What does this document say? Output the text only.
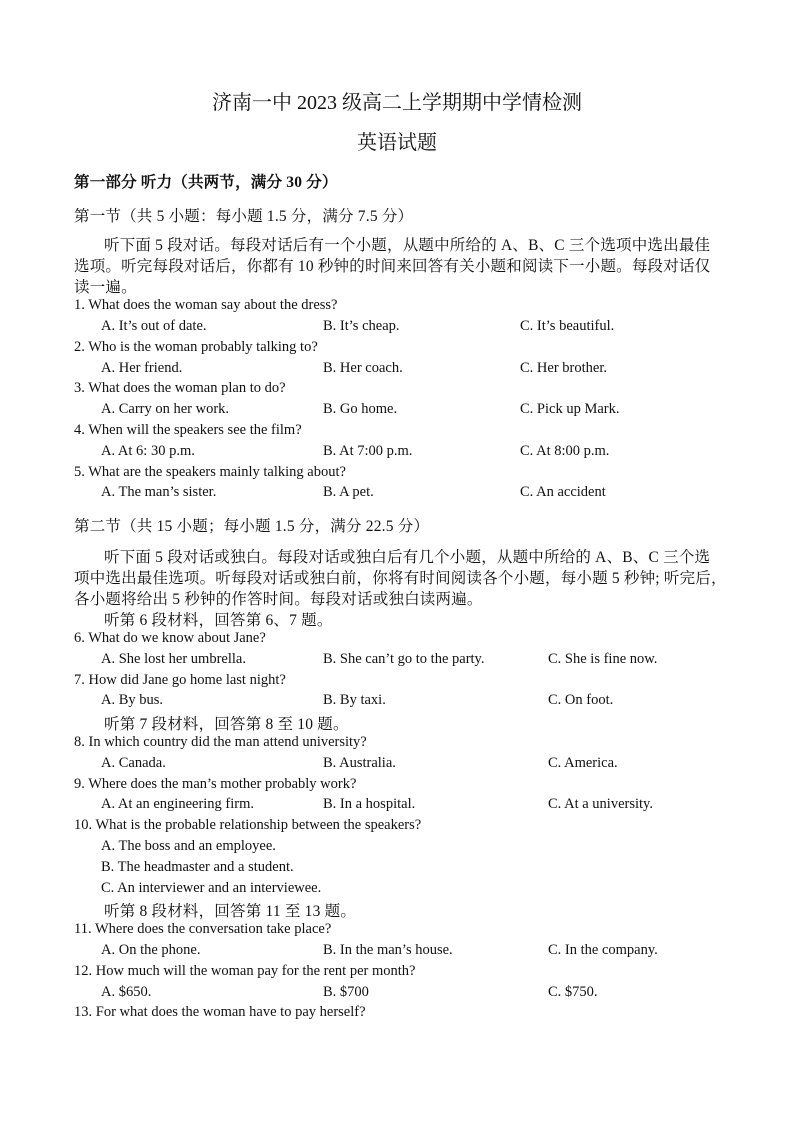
济南一中 2023 级高二上学期期中学情检测
英语试题
第一部分 听力（共两节，满分 30 分）
第一节（共 5 小题：每小题 1.5 分，满分 7.5 分）
听下面 5 段对话。每段对话后有一个小题，从题中所给的 A、B、C 三个选项中选出最佳
选项。听完每段对话后，你都有 10 秒钟的时间来回答有关小题和阅读下一小题。每段对话仅
读一遍。
1. What does the woman say about the dress?
A. It’s out of date.	B. It’s cheap.	C. It’s beautiful.
2. Who is the woman probably talking to?
A. Her friend.	B. Her coach.	C. Her brother.
3. What does the woman plan to do?
A. Carry on her work.	B. Go home.	C. Pick up Mark.
4. When will the speakers see the film?
A. At 6: 30 p.m.	B. At 7:00 p.m.	C. At 8:00 p.m.
5. What are the speakers mainly talking about?
A. The man’s sister.	B. A pet.	C. An accident
第二节（共 15 小题；每小题 1.5 分，满分 22.5 分）
听下面 5 段对话或独白。每段对话或独白后有几个小题，从题中所给的 A、B、C 三个选
项中选出最佳选项。听每段对话或独白前，你将有时间阅读各个小题，每小题 5 秒钟; 听完后，
各小题将给出 5 秒钟的作答时间。每段对话或独白读两遍。
听第 6 段材料，回答第 6、7 题。
6. What do we know about Jane?
A. She lost her umbrella.	B. She can’t go to the party.	C. She is fine now.
7. How did Jane go home last night?
A. By bus.	B. By taxi.	C. On foot.
听第 7 段材料，回答第 8 至 10 题。
8. In which country did the man attend university?
A. Canada.	B. Australia.	C. America.
9. Where does the man’s mother probably work?
A. At an engineering firm.	B. In a hospital.	C. At a university.
10. What is the probable relationship between the speakers?
A. The boss and an employee.
B. The headmaster and a student.
C. An interviewer and an interviewee.
听第 8 段材料，回答第 11 至 13 题。
11. Where does the conversation take place?
A. On the phone.	B. In the man’s house.	C. In the company.
12. How much will the woman pay for the rent per month?
A. $650.	B. $700	C. $750.
13. For what does the woman have to pay herself?
